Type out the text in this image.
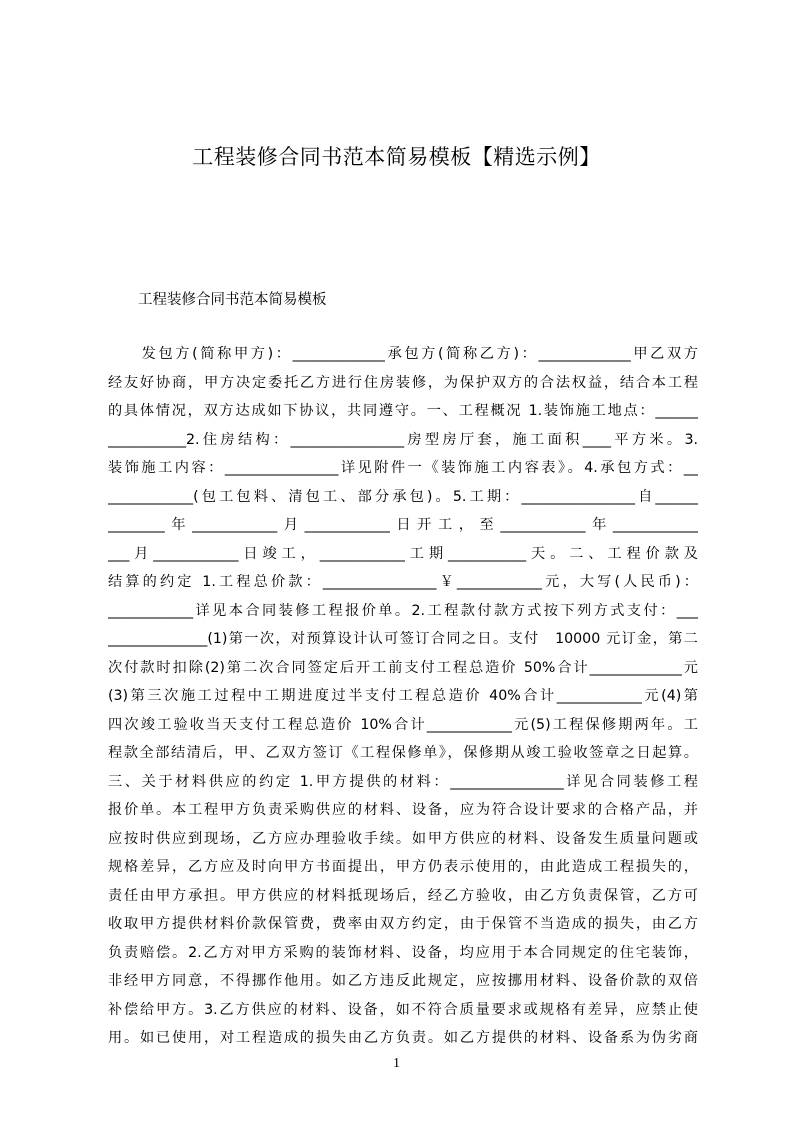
工程装修合同书范本简易模板【精选示例】

工程装修合同书范本简易模板

　　发包方(简称甲方)：_____________承包方(简称乙方)：_____________甲乙双方
经友好协商，甲方决定委托乙方进行住房装修，为保护双方的合法权益，结合本工程
的具体情况，双方达成如下协议，共同遵守。一、工程概况 1.装饰施工地点：______
___________2.住房结构：________________房型房厅套，施工面积____平方米。3.
装饰施工内容：________________详见附件一《装饰施工内容表》。4.承包方式：__
____________(包工包料、清包工、部分承包)。5.工期：________________自______
________年____________月____________日开工，至____________年____________
___月____________日竣工，____________工期___________天。二、工程价款及
结算的约定 1.工程总价款：________________￥____________元，大写(人民币)：
____________详见本合同装修工程报价单。2.工程款付款方式按下列方式支付：___
______________(1)第一次，对预算设计认可签订合同之日。支付　10000 元订金，第二
次付款时扣除(2)第二次合同签定后开工前支付工程总造价 50%合计_____________元
(3)第三次施工过程中工期进度过半支付工程总造价 40%合计____________元(4)第
四次竣工验收当天支付工程总造价 10%合计____________元(5)工程保修期两年。工
程款全部结清后，甲、乙双方签订《工程保修单》，保修期从竣工验收签章之日起算。
三、关于材料供应的约定 1.甲方提供的材料：________________详见合同装修工程
报价单。本工程甲方负责采购供应的材料、设备，应为符合设计要求的合格产品，并
应按时供应到现场，乙方应办理验收手续。如甲方供应的材料、设备发生质量问题或
规格差异，乙方应及时向甲方书面提出，甲方仍表示使用的，由此造成工程损失的，
责任由甲方承担。甲方供应的材料抵现场后，经乙方验收，由乙方负责保管，乙方可
收取甲方提供材料价款保管费，费率由双方约定，由于保管不当造成的损失，由乙方
负责赔偿。2.乙方对甲方采购的装饰材料、设备，均应用于本合同规定的住宅装饰，
非经甲方同意，不得挪作他用。如乙方违反此规定，应按挪用材料、设备价款的双倍
补偿给甲方。3.乙方供应的材料、设备，如不符合质量要求或规格有差异，应禁止使
用。如已使用，对工程造成的损失由乙方负责。如乙方提供的材料、设备系为伪劣商
1
